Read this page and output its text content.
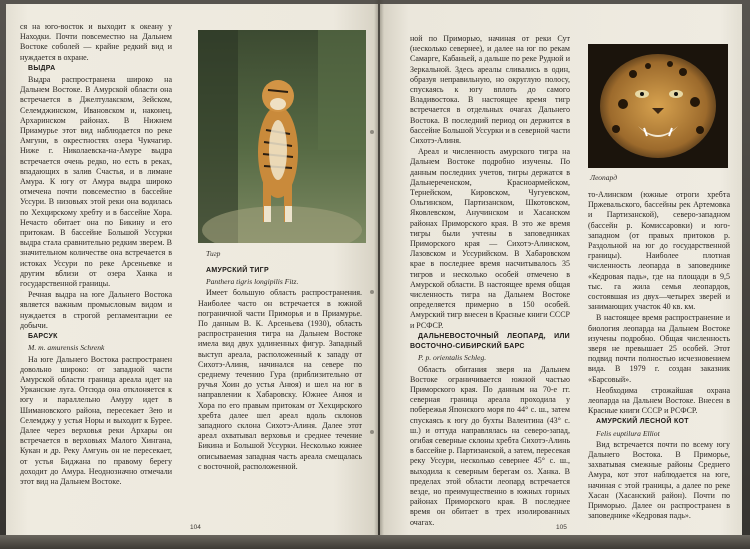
ся на юго-восток и выходит к океану у Находки. Почти повсеместно на Дальнем Востоке соболей — крайне редкий вид и нуждается в охране.

ВЫДРА

Выдра распространена широко на Дальнем Востоке. В Амурской области она встречается в Джелтулакском, Зейском, Селемджинском, Ивановском и, наконец, Архаринском районах. В Нижнем Приамурье этот вид наблюдается по реке Амгуни, в окрестностях озера Чукчагир. Ниже г. Николаевска-на-Амуре выдра встречается очень редко, но есть в реках, впадающих в залив Счастья, и в лимане Амура. К югу от Амура выдра широко отмечена почти повсеместно в бассейне Уссури. В низовьях этой реки она водилась по Хехцирскому хребту и в бассейне Хора. Нечасто обитает она по Бикину и его притокам. В бассейне Большой Уссурки выдра стала сравнительно редким зверем. В значительном количестве она встречается в истоках Уссури по реке Арсеньевке и другим вблизи от озера Ханка и государственной границы.

Речная выдра на юге Дальнего Востока является важным промысловым видом и нуждается в строгой регламентации ее добычи.

БАРСУК

M. m. amurensis Schrenk

На юге Дальнего Востока распространен довольно широко: от западной части Амурской области граница ареала идет на Урканские луга. Отсюда она отклоняется к югу и параллельно Амуру идет в Шимановского района, пересекает Зею и Селемджу у устья Норы и выходит к Бурее. Далее через верховья реки Архары он встречается в верховьях Малого Хингана, Кукан и др. Реку Амгунь он не пересекает, от устья Биджана по правому берегу доходит до Амура. Неоднозначно отмечали этот вид на Дальнем Востоке.

Тигр

АМУРСКИЙ ТИГР

Panthera tigris longipilis Fitz.

Имеет большую область распространения. Наиболее часто он встречается в южной пограничной части Приморья и в Приамурье. По данным В. К. Арсеньева (1930), область распространения тигра на Дальнем Востоке имела вид двух удлиненных фигур. Западный выступ ареала, расположенный к западу от Сихотэ-Алиня, начинался на севере по среднему течению Гура (приблизительно от ручья Хоин до устья Анюя) и шел на юг в направлении к Хабаровску. Южнее Анюя и Хора по его правым притокам от Хехцирского хребта далее шел ареал вдоль склонов западного склона Сихотэ-Алиня. Далее этот ареал охватывал верховья и среднее течение Бикина и Большой Уссурки. Несколько южнее описываемая западная часть ареала смещалась с восточной, расположенной.

104

ной по Приморью, начиная от реки Сут (несколько севернее), и далее на юг по рекам Самарге, Кабаньей, а дальше по реке Рудной и Зеркальной. Здесь ареалы сливались в один, образуя неправильную, но округлую полосу, спускаясь к югу вплоть до самого Владивостока. В настоящее время тигр встречается в отдельных очагах Дальнего Востока. В последний период он держится в бассейне Большой Уссурки и в северной части Сихотэ-Алиня.

Ареал и численность амурского тигра на Дальнем Востоке подробно изучены. По данным последних учетов, тигры держатся в Дальнереченском, Красноармейском, Тернейском, Кировском, Чугуевском, Ольгинском, Партизанском, Шкотовском, Яковлевском, Анучинском и Хасанском районах Приморского края. В это же время тигры были учтены в заповедниках Приморского края — Сихотэ-Алинском, Лазовском и Уссурийском. В Хабаровском крае в последнее время насчитывалось 35 тигров и несколько особей отмечено в Амурской области. В настоящее время общая численность тигра на Дальнем Востоке определяется примерно в 150 особей. Амурский тигр внесен в Красные книги СССР и РСФСР.

ДАЛЬНЕВОСТОЧНЫЙ ЛЕОПАРД, ИЛИ ВОСТОЧНО-СИБИРСКИЙ БАРС

P. p. orientalis Schleg.

Область обитания зверя на Дальнем Востоке ограничивается южной частью Приморского края. По данным на 70-е гг. северная граница ареала проходила у побережья Японского моря по 44° с. ш., затем спускаясь к югу до бухты Валентина (43° с. ш.) и оттуда направлялась на северо-запад, огибая северные склоны хребта Сихотэ-Алинь в бассейне р. Партизанской, а затем, пересекая реку Уссури, несколько севернее 45° с. ш., выходила к северным берегам оз. Ханка. В пределах этой области леопард встречается везде, но преимущественно в южных горных районах Приморского края. В последнее время он обитает в трех изолированных очагах.

Леопард

то-Алинском (южные отроги хребта Пржевальского, бассейны рек Артемовка и Партизанской), северо-западном (бассейн р. Комиссаровки) и юго-западном (от правых притоков р. Раздольной на юг до государственной границы). Наиболее плотная численность леопарда в заповеднике «Кедровая падь», где на площади в 9,5 тыс. га жила семья леопардов, состоявшая из двух—четырех зверей и занимающих участок 40 кв. км.

В настоящее время распространение и биология леопарда на Дальнем Востоке изучены подробно. Общая численность зверя не превышает 25 особей. Этот подвид почти полностью исчезновением вида. В 1979 г. создан заказник «Барсовый».

Необходима строжайшая охрана леопарда на Дальнем Востоке. Внесен в Красные книги СССР и РСФСР.

АМУРСКИЙ ЛЕСНОЙ КОТ

Felis euptilura Elliot

Вид встречается почти по всему югу Дальнего Востока. В Приморье, захватывая смежные районы Среднего Амура, кот этот наблюдается на юге, начиная с этой границы, а далее по реке Хасан (Хасанский район). Почти по Приморью. Далее он распространен в заповеднике «Кедровая падь».

105
